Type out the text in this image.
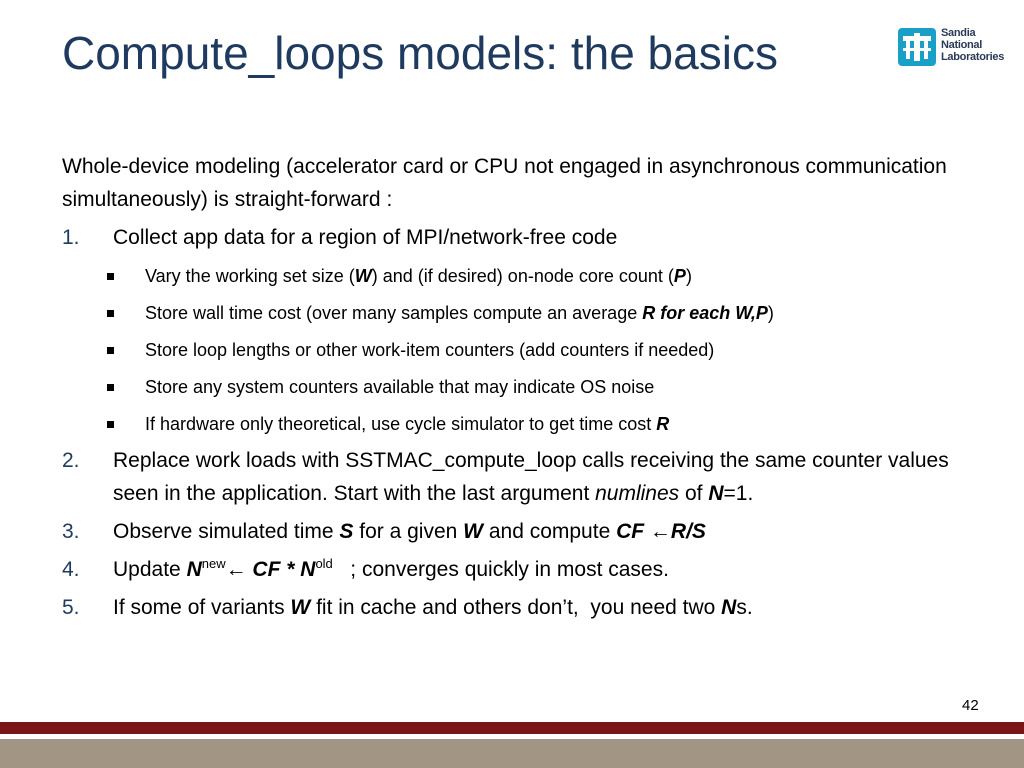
Compute_loops models: the basics	Sandia
National
Laboratories

Whole-device modeling (accelerator card or CPU not engaged in asynchronous communication simultaneously) is straight-forward :

1. Collect app data for a region of MPI/network-free code
Vary the working set size (W) and (if desired) on-node core count (P)
Store wall time cost (over many samples compute an average R for each W,P)
Store loop lengths or other work-item counters (add counters if needed)
Store any system counters available that may indicate OS noise
If hardware only theoretical, use cycle simulator to get time cost R
2. Replace work loads with SSTMAC_compute_loop calls receiving the same counter values seen in the application. Start with the last argument numlines of N=1.
3. Observe simulated time S for a given W and compute CF ←R/S
4. Update $N^{new}\leftarrow$ CF * $N^{old}$   ; converges quickly in most cases.
5. If some of variants W fit in cache and others don’t,  you need two Ns.
42
